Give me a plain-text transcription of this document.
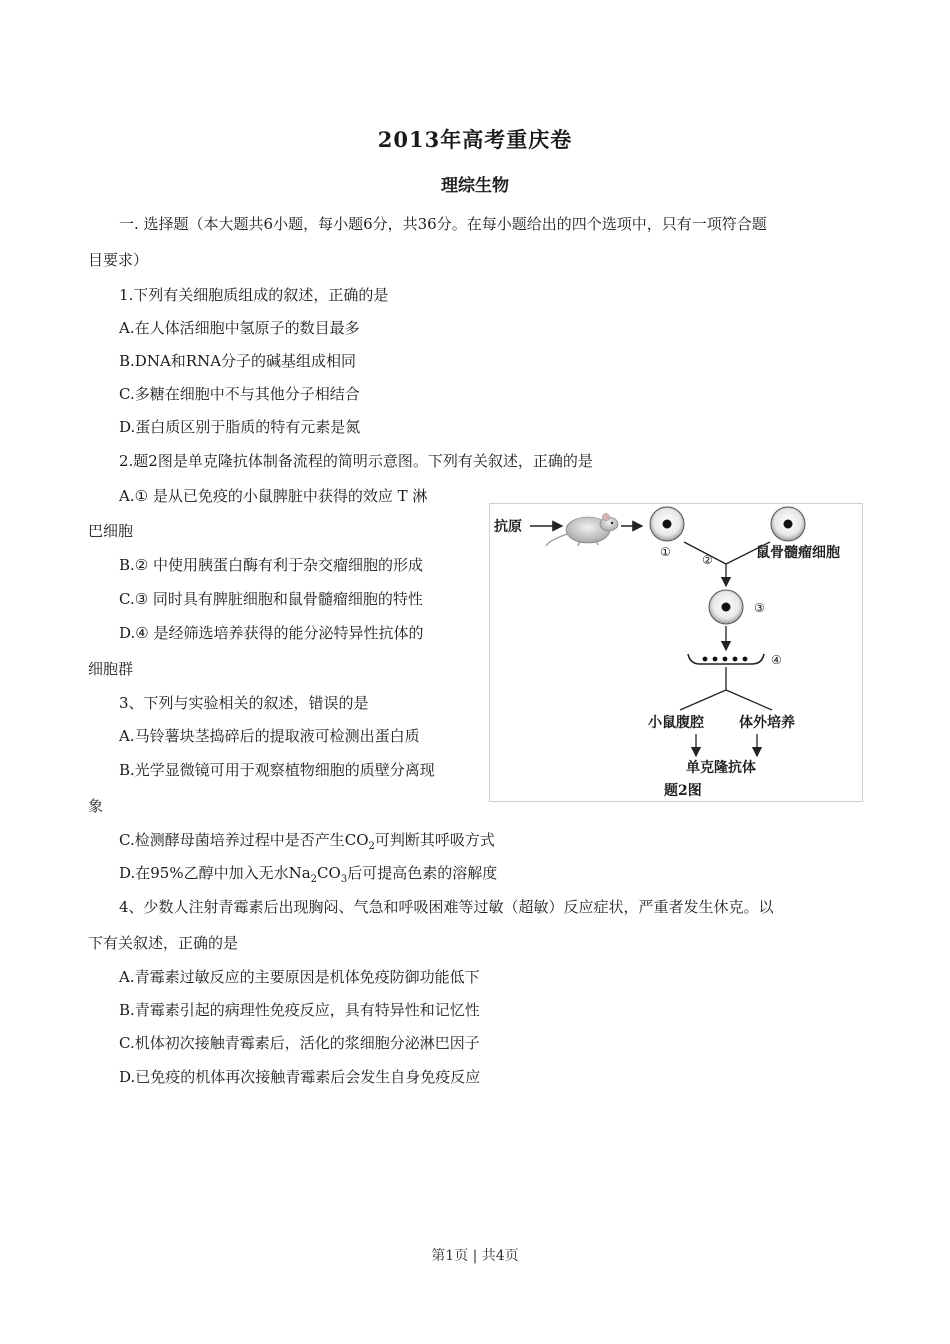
2013年高考重庆卷
理综生物
一. 选择题（本大题共6小题，每小题6分，共36分。在每小题给出的四个选项中，只有一项符合题
目要求）
1.下列有关细胞质组成的叙述，正确的是
A.在人体活细胞中氢原子的数目最多
B.DNA和RNA分子的碱基组成相同
C.多糖在细胞中不与其他分子相结合
D.蛋白质区别于脂质的特有元素是氮
2.题2图是单克隆抗体制备流程的简明示意图。下列有关叙述，正确的是
A.① 是从已免疫的小鼠脾脏中获得的效应 T 淋
巴细胞
B.② 中使用胰蛋白酶有利于杂交瘤细胞的形成
C.③ 同时具有脾脏细胞和鼠骨髓瘤细胞的特性
D.④ 是经筛选培养获得的能分泌特异性抗体的
细胞群
3、下列与实验相关的叙述，错误的是
A.马铃薯块茎捣碎后的提取液可检测出蛋白质
B.光学显微镜可用于观察植物细胞的质壁分离现
象
C.检测酵母菌培养过程中是否产生$CO_2$可判断其呼吸方式
D.在95%乙醇中加入无水$Na_2CO_3$后可提高色素的溶解度
4、少数人注射青霉素后出现胸闷、气急和呼吸困难等过敏（超敏）反应症状，严重者发生休克。以
下有关叙述，正确的是
A.青霉素过敏反应的主要原因是机体免疫防御功能低下
B.青霉素引起的病理性免疫反应，具有特异性和记忆性
C.机体初次接触青霉素后，活化的浆细胞分泌淋巴因子
D.已免疫的机体再次接触青霉素后会发生自身免疫反应
抗原
①	鼠骨髓瘤细胞
②
③
④
小鼠腹腔	体外培养
单克隆抗体
题2图
第1页 | 共4页
